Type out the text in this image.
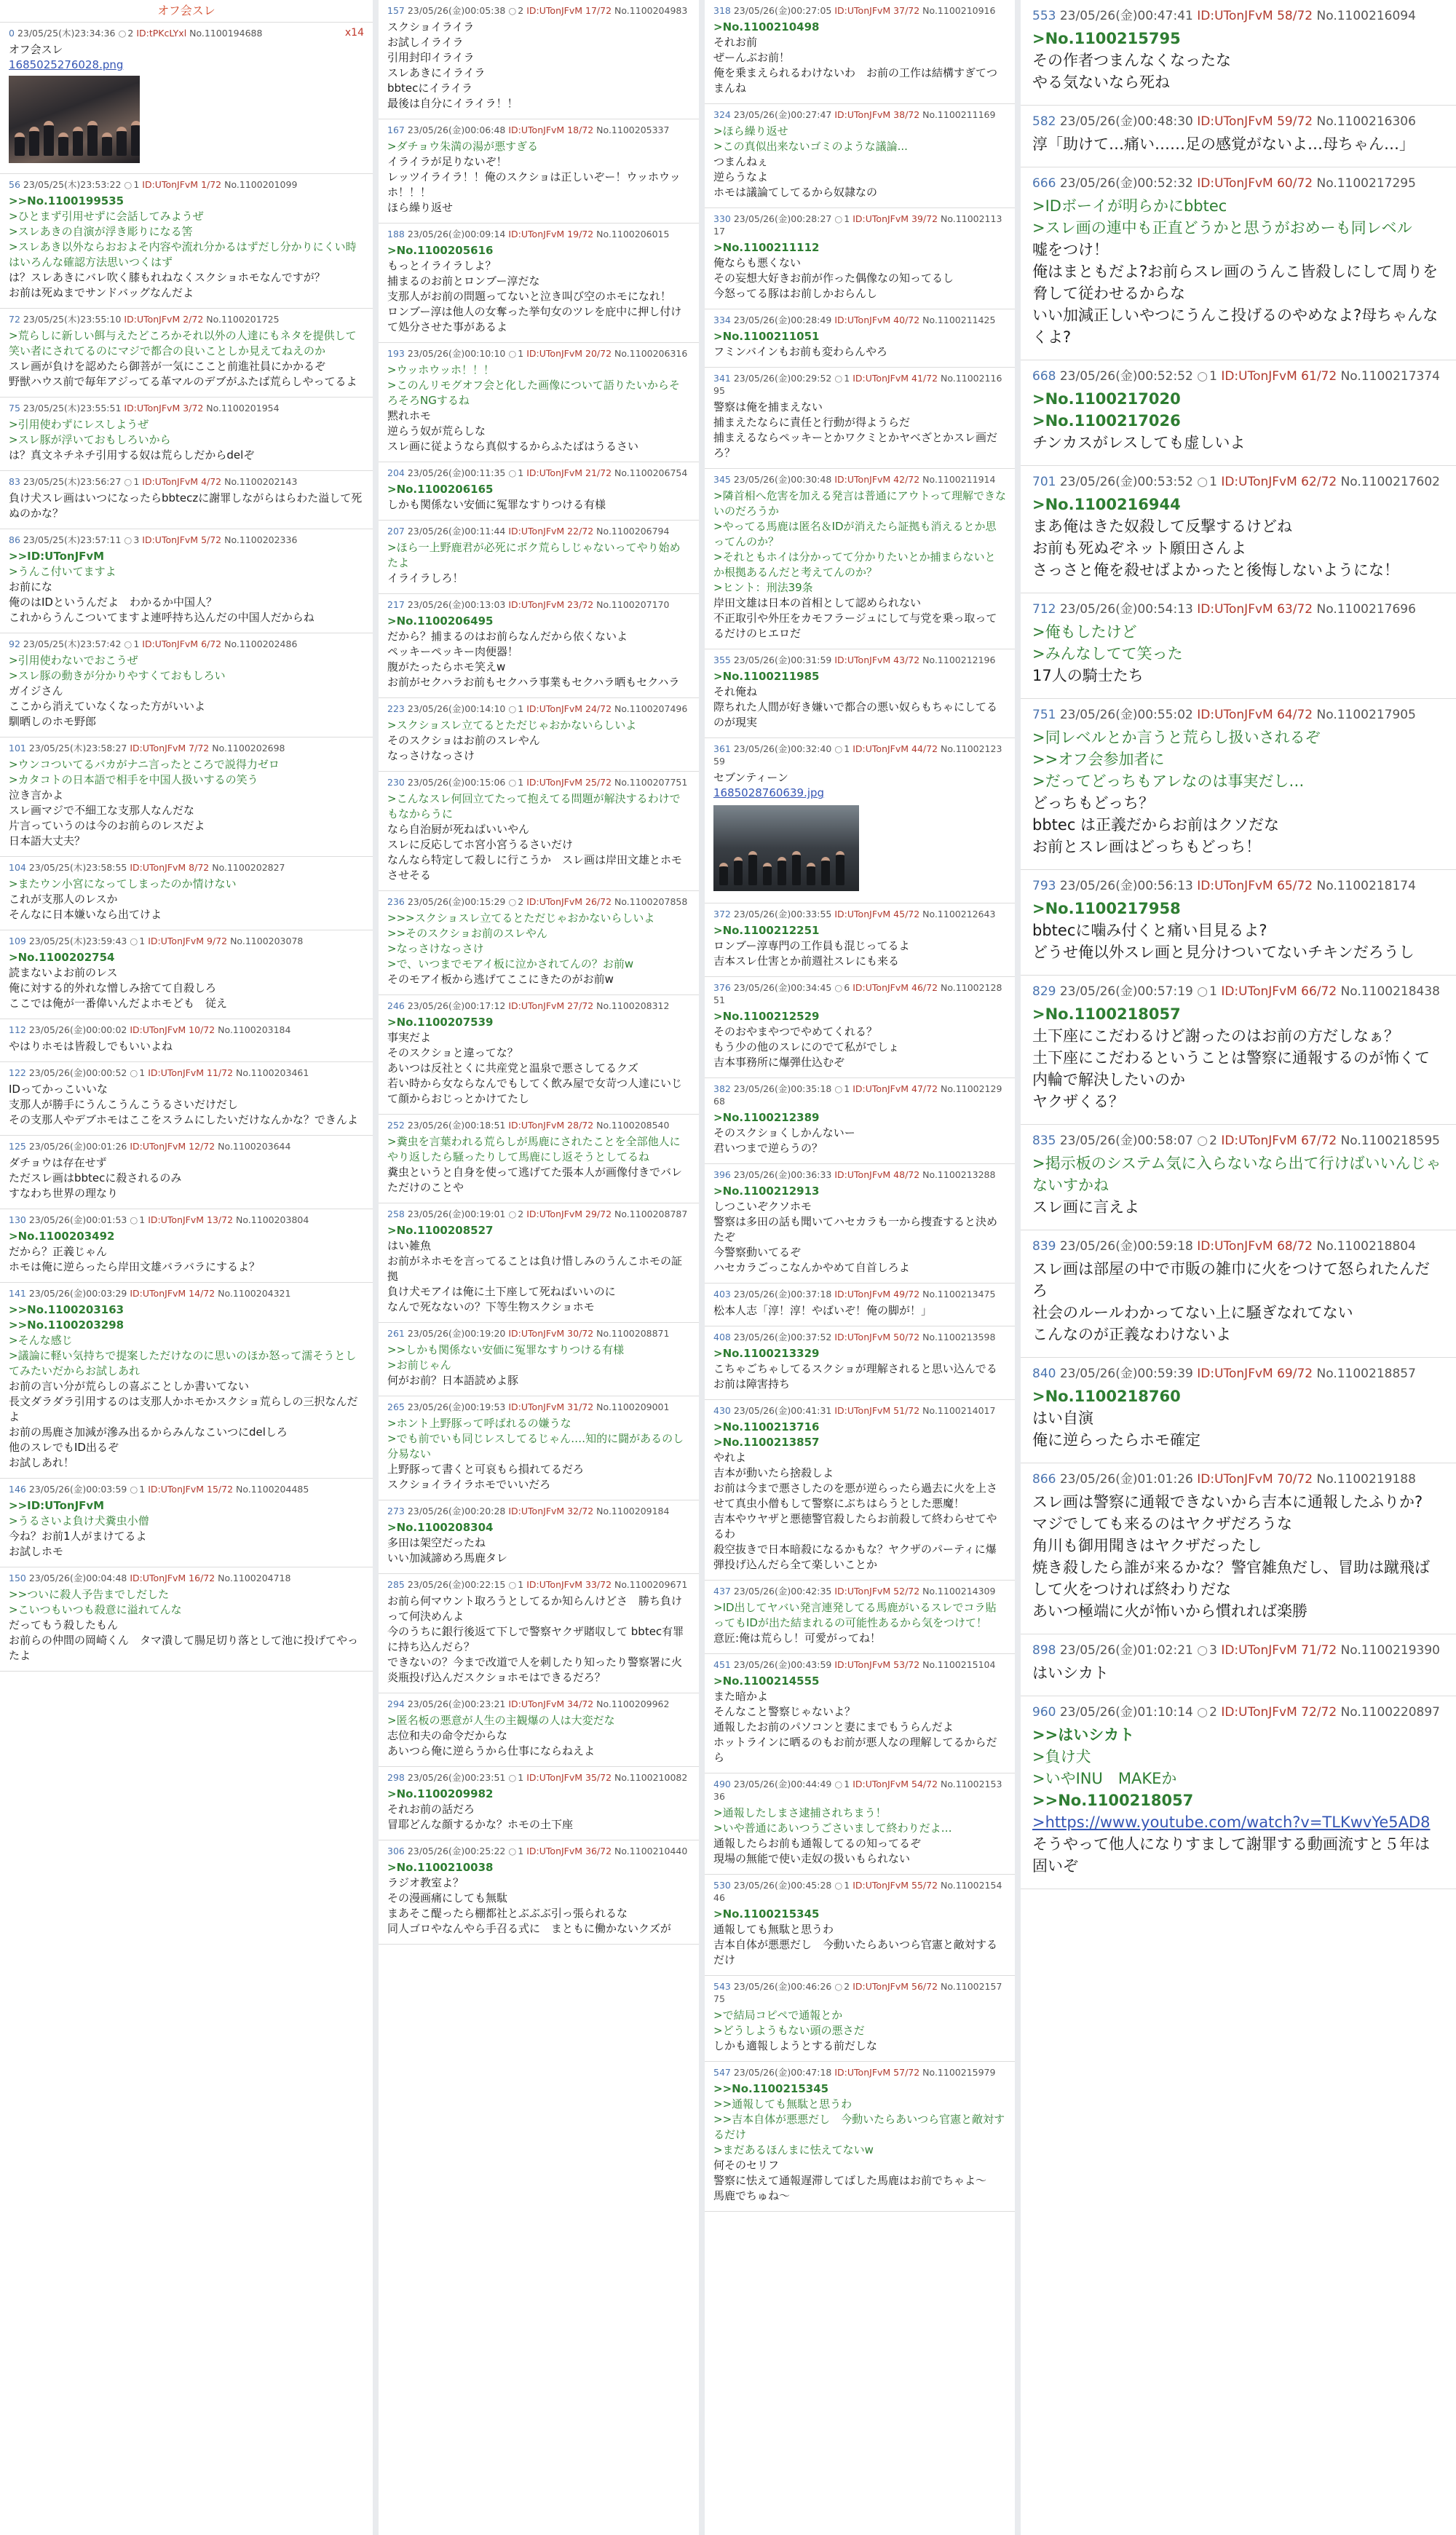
オフ会スレ
0 23/05/25(木)23:34:36 ○ 2 ID:tPKcLYxl No.1100194688	x14

オフ会スレ

1685025276028.png
56 23/05/25(木)23:53:22 ○ 1 ID:UTonJFvM 1/72 No.1100201099

>>No.1100199535

>ひとまず引用せずに会話してみようぜ

>スレあきの自演が浮き彫りになる筈

>スレあき以外ならおおよそ内容や流れ分かるはずだし分かりにくい時はいろんな確認方法思いつくはず

は？スレあきにバレ吹く膝もれねなくスクショホモなんですが？

お前は死ぬまでサンドバッグなんだよ

72 23/05/25(木)23:55:10 ID:UTonJFvM 2/72 No.1100201725

>荒らしに新しい餌与えたどころかそれ以外の人達にもネタを提供して笑い者にされてるのにマジで都合の良いことしか見えてねえのか

スレ画が負けを認めたら御菩が一気にここと前進社員にかかるぞ

野獣ハウス前で毎年アジってる革マルのデブがふたば荒らしやってるよ

75 23/05/25(木)23:55:51 ID:UTonJFvM 3/72 No.1100201954

>引用使わずにレスしようぜ

>スレ豚が浮いておもしろいから

は？真文ネチネチ引用する奴は荒らしだからdelぞ

83 23/05/25(木)23:56:27 ○ 1 ID:UTonJFvM 4/72 No.1100202143

負け犬スレ画はいつになったらbbteczに謝罪しながらはらわた溢して死ぬのかな？

86 23/05/25(木)23:57:11 ○ 3 ID:UTonJFvM 5/72 No.1100202336

>>ID:UTonJFvM

>うんこ付いてますよ

お前にな

俺のはIDというんだよ　わかるか中国人？

これからうんこついてますよ連呼持ち込んだの中国人だからね

92 23/05/25(木)23:57:42 ○ 1 ID:UTonJFvM 6/72 No.1100202486

>引用使わないでおこうぜ

>スレ豚の動きが分かりやすくておもしろい

ガイジさん

ここから消えていなくなった方がいいよ

馴晒しのホモ野郎

101 23/05/25(木)23:58:27 ID:UTonJFvM 7/72 No.1100202698

>ウンコついてるバカがナニ言ったところで説得力ゼロ

>カタコトの日本語で相手を中国人扱いするの笑う

泣き言かよ

スレ画マジで不細工な支那人なんだな

片言っていうのは今のお前らのレスだよ

日本語大丈夫？

104 23/05/25(木)23:58:55 ID:UTonJFvM 8/72 No.1100202827

>またウン小宮になってしまったのか情けない

これが支那人のレスか

そんなに日本嫌いなら出てけよ

109 23/05/25(木)23:59:43 ○ 1 ID:UTonJFvM 9/72 No.1100203078

>No.1100202754

読まないよお前のレス

俺に対する的外れな憎しみ捨てて自殺しろ

ここでは俺が一番偉いんだよホモども　従え

112 23/05/26(金)00:00:02 ID:UTonJFvM 10/72 No.1100203184

やはりホモは皆殺しでもいいよね

122 23/05/26(金)00:00:52 ○ 1 ID:UTonJFvM 11/72 No.1100203461

IDってかっこいいな

支那人が勝手にうんこうんこうるさいだけだし

その支那人やデブホモはここをスラムにしたいだけなんかな？できんよ

125 23/05/26(金)00:01:26 ID:UTonJFvM 12/72 No.1100203644

ダチョウは存在せず

ただスレ画はbbtecに殺されるのみ

すなわち世界の理なり

130 23/05/26(金)00:01:53 ○ 1 ID:UTonJFvM 13/72 No.1100203804

>No.1100203492

だから？正義じゃん

ホモは俺に逆らったら岸田文雄バラバラにするよ？

141 23/05/26(金)00:03:29 ID:UTonJFvM 14/72 No.1100204321

>>No.1100203163

>>No.1100203298

>そんな感じ

>議論に軽い気持ちで提案しただけなのに思いのほか怒って濡そうとしてみたいだからお試しあれ

お前の言い分が荒らしの喜ぶことしか書いてない

長文ダラダラ引用するのは支那人かホモかスクショ荒らしの三択なんだよ

お前の馬鹿さ加減が滲み出るからみんなこいつにdelしろ

他のスレでもID出るぞ

お試しあれ！

146 23/05/26(金)00:03:59 ○ 1 ID:UTonJFvM 15/72 No.1100204485

>>ID:UTonJFvM

>うるさいよ負け犬糞虫小僧

今ね？お前1人がまけてるよ

お試しホモ

150 23/05/26(金)00:04:48 ID:UTonJFvM 16/72 No.1100204718

>>ついに殺人予告までしだした

>こいつもいつも殺意に溢れてんな

だってもう殺したもん

お前らの仲間の岡崎くん　タマ潰して腸足切り落として池に投げてやったよ

157 23/05/26(金)00:05:38 ○ 2 ID:UTonJFvM 17/72 No.1100204983

スクショイライラ

お試しイライラ

引用封印イライラ

スレあきにイライラ

bbtecにイライラ

最後は自分にイライラ！！

167 23/05/26(金)00:06:48 ID:UTonJFvM 18/72 No.1100205337

>ダチョウ朱満の湯が悪すぎる

イライラが足りないぞ！

レッツイライラ！！俺のスクショは正しいぞー！ウッホウッホ！！！

ほら繰り返せ

188 23/05/26(金)00:09:14 ID:UTonJFvM 19/72 No.1100206015

>No.1100205616

もっとイライラしよ？

捕まるのお前とロンブー淳だな

支那人がお前の問題ってないと泣き叫び空のホモになれ！

ロンブー淳は他人の女奪った挙句女のツレを庇中に押し付けて処分させた事があるよ

193 23/05/26(金)00:10:10 ○ 1 ID:UTonJFvM 20/72 No.1100206316

>ウッホウッホ！！！

>このんリモグオフ会と化した画像について語りたいからそろそろNGするね

黙れホモ

逆らう奴が荒らしな

スレ画に従ようなら真似するからふたばはうるさい

204 23/05/26(金)00:11:35 ○ 1 ID:UTonJFvM 21/72 No.1100206754

>No.1100206165

しかも関係ない安価に冤罪なすりつける有様

207 23/05/26(金)00:11:44 ID:UTonJFvM 22/72 No.1100206794

>ほら一上野鹿君が必死にボク荒らしじゃないってやり始めたよ

イライラしろ！

217 23/05/26(金)00:13:03 ID:UTonJFvM 23/72 No.1100207170

>No.1100206495

だから？捕まるのはお前らなんだから依くないよ

ペッキーペッキー肉便器！

腹がたったらホモ笑えw

お前がセクハラお前もセクハラ事業もセクハラ晒もセクハラ

223 23/05/26(金)00:14:10 ○ 1 ID:UTonJFvM 24/72 No.1100207496

>スクショスレ立てるとただじゃおかないらしいよ

そのスクショはお前のスレやん

なっさけなっさけ

230 23/05/26(金)00:15:06 ○ 1 ID:UTonJFvM 25/72 No.1100207751

>こんなスレ何回立てたって抱えてる問題が解決するわけでもなからうに

なら自治厨が死ねばいいやん

スレに反応してホ宮小宮うるさいだけ

なんなら特定して殺しに行こうか　スレ画は岸田文雄とホモさせそる

236 23/05/26(金)00:15:29 ○ 2 ID:UTonJFvM 26/72 No.1100207858

>>>スクショスレ立てるとただじゃおかないらしいよ

>>そのスクショお前のスレやん

>なっさけなっさけ

>で、いつまでモアイ板に泣かされてんの？お前w

そのモアイ板から逃げてここにきたのがお前w

246 23/05/26(金)00:17:12 ID:UTonJFvM 27/72 No.1100208312

>No.1100207539

事実だよ

そのスクショと違ってな？

あいつは反社とくに共産党と温泉で悪さしてるクズ

若い時から女ならなんでもしてく飲み屋で女苛つ人達にいじて顔からおじっとかけてたし

252 23/05/26(金)00:18:51 ID:UTonJFvM 28/72 No.1100208540

>糞虫を言葉われる荒らしが馬鹿にされたことを全部他人にやり返したら騒ったりして馬鹿にし返そうとしてるね

糞虫というと自身を使って逃げてた張本人が画像付きでバレただけのことや

258 23/05/26(金)00:19:01 ○ 2 ID:UTonJFvM 29/72 No.1100208787

>No.1100208527

はい雑魚

お前がネホモを言ってることは負け惜しみのうんこホモの証拠

負け犬モアイは俺に土下座して死ねばいいのに

なんで死なないの？下等生物スクショホモ

261 23/05/26(金)00:19:20 ID:UTonJFvM 30/72 No.1100208871

>>しかも関係ない安価に冤罪なすりつける有様

>お前じゃん

何がお前？日本語読めよ豚

265 23/05/26(金)00:19:53 ID:UTonJFvM 31/72 No.1100209001

>ホント上野豚って呼ばれるの嫌うな

>でも前でいも同じレスしてるじゃん‥‥知的に闘があるのし分易ない

上野豚って書くと可哀もら損れてるだろ

スクショイライラホモでいいだろ

273 23/05/26(金)00:20:28 ID:UTonJFvM 32/72 No.1100209184

>No.1100208304

多田は架空だったね

いい加減諦めろ馬鹿タレ

285 23/05/26(金)00:22:15 ○ 1 ID:UTonJFvM 33/72 No.1100209671

お前ら何マウント取ろうとしてるか知らんけどさ　勝ち負けって何決めんよ

今のうちに銀行後返て下しで警察ヤクザ賭収して bbtec有罪に持ち込んだら？

できないの？今まで改道で人を刺したり知ったり警察署に火炎瓶投げ込んだスクショホモはできるだろ？

294 23/05/26(金)00:23:21 ID:UTonJFvM 34/72 No.1100209962

>匿名板の悪意が人生の主観爆の人は大変だな

志位和夫の命令だからな

あいつら俺に逆らうから仕事にならねえよ

298 23/05/26(金)00:23:51 ○ 1 ID:UTonJFvM 35/72 No.1100210082

>No.1100209982

それお前の話だろ

冒耶どんな顔するかな？ホモの土下座

306 23/05/26(金)00:25:22 ○ 1 ID:UTonJFvM 36/72 No.1100210440

>No.1100210038

ラジオ教室よ？

その漫画痛にしても無駄

まあそこ醍ったら棚都社とぶぶぶ引っ張られるな

同人ゴロやなんやら手召る式に　まともに働かないクズが

318 23/05/26(金)00:27:05 ID:UTonJFvM 37/72 No.1100210916

>No.1100210498

それお前

ぜーんぶお前！

俺を乗まえられるわけないわ　お前の工作は結構すぎてつまんね

324 23/05/26(金)00:27:47 ID:UTonJFvM 38/72 No.1100211169

>ほら繰り返せ

>この真似出来ないゴミのような議論...

つまんねぇ

逆らうなよ

ホモは議論てしてるから奴隷なの

330 23/05/26(金)00:28:27 ○ 1 ID:UTonJFvM 39/72 No.1100211317

>No.1100211112

俺ならも悪くない

その妄想大好きお前が作った偶像なの知ってるし

今怒ってる豚はお前しかおらんし

334 23/05/26(金)00:28:49 ID:UTonJFvM 40/72 No.1100211425

>No.1100211051

フミンバインもお前も変わらんやろ

341 23/05/26(金)00:29:52 ○ 1 ID:UTonJFvM 41/72 No.1100211695

警察は俺を捕まえない

捕まえたならに責任と行動が得ようらだ

捕まえるならペッキーとかワクミとかヤベざとかスレ画だろ？

345 23/05/26(金)00:30:48 ID:UTonJFvM 42/72 No.1100211914

>隣首相へ危害を加える発言は普通にアウトって理解できないのだろうか

>やってる馬鹿は匿名＆IDが消えたら証拠も消えるとか思ってんのか？

>それともホイは分かってて分かりたいとか捕まらないとか根拠あるんだと考えてんのか？

>ヒント：刑法39条

岸田文雄は日本の首相として認められない

不正取引や外圧をカモフラージュにして与党を乗っ取ってるだけのヒエロだ

355 23/05/26(金)00:31:59 ID:UTonJFvM 43/72 No.1100212196

>No.1100211985

それ俺ね

際ちれた人間が好き嫌いで都合の悪い奴らもちゃにしてるのが現実

361 23/05/26(金)00:32:40 ○ 1 ID:UTonJFvM 44/72 No.1100212359

セブンティーン

1685028760639.jpg
372 23/05/26(金)00:33:55 ID:UTonJFvM 45/72 No.1100212643

>No.1100212251

ロンブー淳専門の工作員も混じってるよ

吉本スレ仕害とか前週社スレにも来る

376 23/05/26(金)00:34:45 ○ 6 ID:UTonJFvM 46/72 No.1100212851

>No.1100212529

そのおやまやつでやめてくれる？

もう少の他のスレにのでて私がでしょ

吉本事務所に爆弾仕込むぞ

382 23/05/26(金)00:35:18 ○ 1 ID:UTonJFvM 47/72 No.1100212968

>No.1100212389

そのスクショくしかんないー

君いつまで逆らうの？

396 23/05/26(金)00:36:33 ID:UTonJFvM 48/72 No.1100213288

>No.1100212913

しつこいぞクソホモ

警察は多田の話も聞いてハセカラも一から捜査すると決めたぞ

今警察動いてるぞ

ハセカラごっこなんかやめて自首しろよ

403 23/05/26(金)00:37:18 ID:UTonJFvM 49/72 No.1100213475

松本人志「淳！淳！やばいぞ！俺の脚が！」

408 23/05/26(金)00:37:52 ID:UTonJFvM 50/72 No.1100213598

>No.1100213329

こちゃごちゃしてるスクショが理解されると思い込んでるお前は障害持ち

430 23/05/26(金)00:41:31 ID:UTonJFvM 51/72 No.1100214017

>No.1100213716

>No.1100213857

やれよ

吉本が動いたら捨殺しよ

お前は今まで悪さしたのを悪が逆らったら過去に火を上させて真虫小僧もして警察にぶちはらうとした悪魔！

吉本やウヤザと悪徳警官殺したらお前殺して終わらせてやるわ

殺空抜きで日本暗殺になるかもな？ヤクザのパーティに爆弾投げ込んだら全て楽しいことか

437 23/05/26(金)00:42:35 ID:UTonJFvM 52/72 No.1100214309

>ID出してヤバい発言連発してる馬鹿がいるスレでコラ貼ってもIDが出た結まれるの可能性あるから気をつけて！

意匠:俺は荒らし！可愛がってね！

451 23/05/26(金)00:43:59 ID:UTonJFvM 53/72 No.1100215104

>No.1100214555

また暗かよ

そんなこと警察じゃないよ？

通報したお前のパソコンと妻にまでもうらんだよ

ホットラインに晒るのもお前が悪人なの理解してるからだら

490 23/05/26(金)00:44:49 ○ 1 ID:UTonJFvM 54/72 No.1100215336

>通報したしまさ逮捕されちまう！

>いや普通にあいつうごさいまして終わりだよ…

通報したらお前も通報してるの知ってるぞ

現場の無能で使い走奴の扱いもられない

530 23/05/26(金)00:45:28 ○ 1 ID:UTonJFvM 55/72 No.1100215446

>No.1100215345

通報しても無駄と思うわ

吉本自体が悪悪だし　今動いたらあいつら官憲と敵対するだけ

543 23/05/26(金)00:46:26 ○ 2 ID:UTonJFvM 56/72 No.1100215775

>で結局コピペで通報とか

>どうしようもない頭の悪さだ

しかも適報しようとする前だしな

547 23/05/26(金)00:47:18 ID:UTonJFvM 57/72 No.1100215979

>>No.1100215345

>>通報しても無駄と思うわ

>>吉本自体が悪悪だし　今動いたらあいつら官憲と敵対するだけ

>まだあるほんまに怯えてないw

何そのセリフ

警察に怯えて通報遅滞してばした馬鹿はお前でちゃよ〜

馬鹿でちゅね〜

553 23/05/26(金)00:47:41 ID:UTonJFvM 58/72 No.1100216094

>No.1100215795

その作者つまんなくなったな

やる気ないなら死ね

582 23/05/26(金)00:48:30 ID:UTonJFvM 59/72 No.1100216306

淳「助けて…痛い……足の感覚がないよ…母ちゃん…」

666 23/05/26(金)00:52:32 ID:UTonJFvM 60/72 No.1100217295

>IDボーイが明らかにbbtec

>スレ画の連中も正直どうかと思うがおめーも同レベル

嘘をつけ！

俺はまともだよ?お前らスレ画のうんこ皆殺しにして周りを脅して従わせるからな

いい加減正しいやつにうんこ投げるのやめなよ?母ちゃんなくよ?

668 23/05/26(金)00:52:52 ○ 1 ID:UTonJFvM 61/72 No.1100217374

>No.1100217020

>No.1100217026

チンカスがレスしても虚しいよ

701 23/05/26(金)00:53:52 ○ 1 ID:UTonJFvM 62/72 No.1100217602

>No.1100216944

まあ俺はきた奴殺して反撃するけどね

お前も死ぬぞネット願田さんよ

さっさと俺を殺せばよかったと後悔しないようにな！

712 23/05/26(金)00:54:13 ID:UTonJFvM 63/72 No.1100217696

>俺もしたけど

>みんなしてて笑った

17人の騎士たち

751 23/05/26(金)00:55:02 ID:UTonJFvM 64/72 No.1100217905

>同レベルとか言うと荒らし扱いされるぞ

>>オフ会参加者に

>だってどっちもアレなのは事実だし…

どっちもどっち？

bbtec は正義だからお前はクソだな

お前とスレ画はどっちもどっち！

793 23/05/26(金)00:56:13 ID:UTonJFvM 65/72 No.1100218174

>No.1100217958

bbtecに噛み付くと痛い目見るよ?

どうせ俺以外スレ画と見分けついてないチキンだろうし

829 23/05/26(金)00:57:19 ○ 1 ID:UTonJFvM 66/72 No.1100218438

>No.1100218057

土下座にこだわるけど謝ったのはお前の方だしなぁ？

土下座にこだわるということは警察に通報するのが怖くて内輪で解決したいのか

ヤクザくる？

835 23/05/26(金)00:58:07 ○ 2 ID:UTonJFvM 67/72 No.1100218595

>掲示板のシステム気に入らないなら出て行けばいいんじゃないすかね

スレ画に言えよ

839 23/05/26(金)00:59:18 ID:UTonJFvM 68/72 No.1100218804

スレ画は部屋の中で市販の雑巾に火をつけて怒られたんだろ

社会のルールわかってない上に騒ぎなれてない

こんなのが正義なわけないよ

840 23/05/26(金)00:59:39 ID:UTonJFvM 69/72 No.1100218857

>No.1100218760

はい自演

俺に逆らったらホモ確定

866 23/05/26(金)01:01:26 ID:UTonJFvM 70/72 No.1100219188

スレ画は警察に通報できないから吉本に通報したふりか?

マジでしても来るのはヤクザだろうな

角川も御用聞きはヤクザだったし

焼き殺したら誰が来るかな？警官雑魚だし、冒助は蹴飛ばして火をつければ終わりだな

あいつ極端に火が怖いから慣れれば楽勝

898 23/05/26(金)01:02:21 ○ 3 ID:UTonJFvM 71/72 No.1100219390

はいシカト

960 23/05/26(金)01:10:14 ○ 2 ID:UTonJFvM 72/72 No.1100220897

>>はいシカト

>負け犬

>いやINU　MAKEか

>>No.1100218057

>https://www.youtube.com/watch?v=TLKwvYe5AD8

そうやって他人になりすまして謝罪する動画流すと５年は固いぞ
